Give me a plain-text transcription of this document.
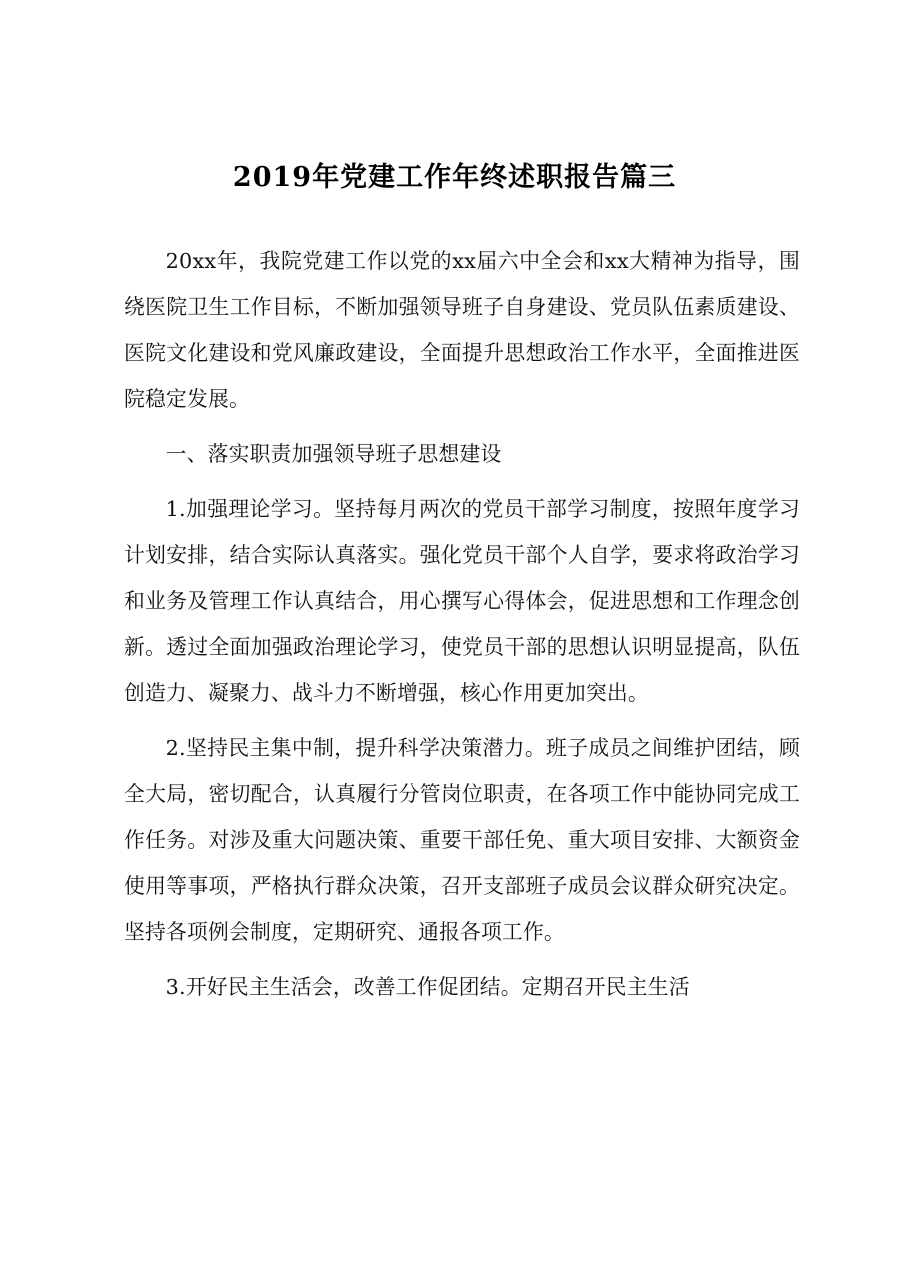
2019年党建工作年终述职报告篇三

20xx年，我院党建工作以党的xx届六中全会和xx大精神为指导，围绕医院卫生工作目标，不断加强领导班子自身建设、党员队伍素质建设、医院文化建设和党风廉政建设，全面提升思想政治工作水平，全面推进医院稳定发展。

一、落实职责加强领导班子思想建设

1.加强理论学习。坚持每月两次的党员干部学习制度，按照年度学习计划安排，结合实际认真落实。强化党员干部个人自学，要求将政治学习和业务及管理工作认真结合，用心撰写心得体会，促进思想和工作理念创新。透过全面加强政治理论学习，使党员干部的思想认识明显提高，队伍创造力、凝聚力、战斗力不断增强，核心作用更加突出。

2.坚持民主集中制，提升科学决策潜力。班子成员之间维护团结，顾全大局，密切配合，认真履行分管岗位职责，在各项工作中能协同完成工作任务。对涉及重大问题决策、重要干部任免、重大项目安排、大额资金使用等事项，严格执行群众决策，召开支部班子成员会议群众研究决定。坚持各项例会制度，定期研究、通报各项工作。

3.开好民主生活会，改善工作促团结。定期召开民主生活
